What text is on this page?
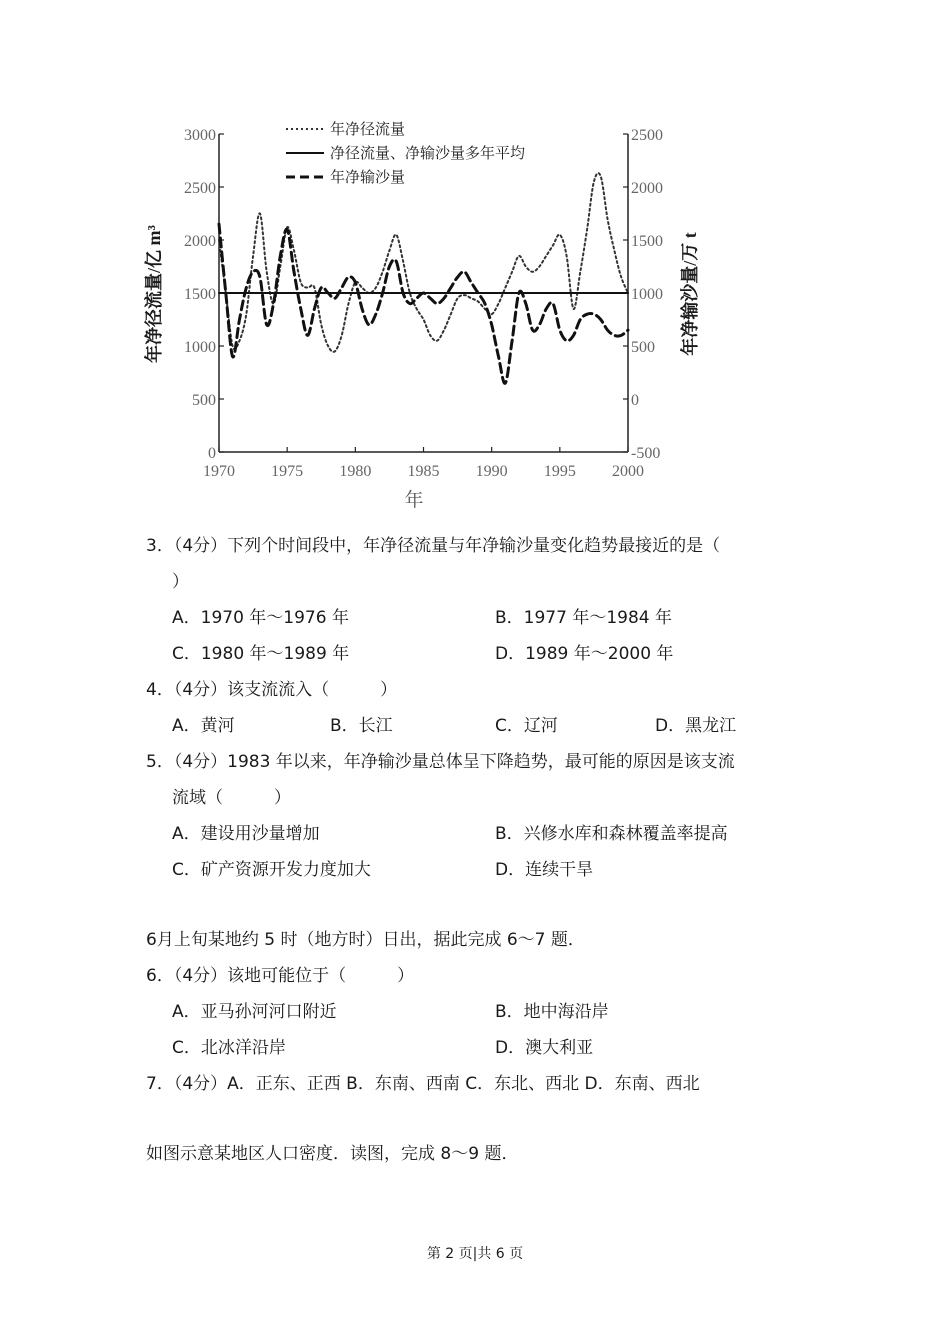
0
500
1000
1500
2000
2500
3000
-500
0
500
1000
1500
2000
2500
1970 1975 1980 1985 1990 1995 2000
年净径流量
净径流量、净输沙量多年平均
年净输沙量
年
年净径流量/亿 m³	年净输沙量/万 t
3．（4分）下列个时间段中，年净径流量与年净输沙量变化趋势最接近的是（
）
A．1970 年～1976 年	B．1977 年～1984 年
C．1980 年～1989 年	D．1989 年～2000 年
4．（4分）该支流流入（　　　）
A．黄河	B．长江	C．辽河	D．黑龙江
5．（4分）1983 年以来，年净输沙量总体呈下降趋势，最可能的原因是该支流
流域（　　　）
A．建设用沙量增加	B．兴修水库和森林覆盖率提高
C．矿产资源开发力度加大	D．连续干旱
6月上旬某地约 5 时（地方时）日出，据此完成 6～7 题．
6．（4分）该地可能位于（　　　）
A．亚马孙河河口附近	B．地中海沿岸
C．北冰洋沿岸	D．澳大利亚
7．（4分）A．正东、正西 B．东南、西南 C．东北、西北 D．东南、西北
如图示意某地区人口密度．读图，完成 8～9 题．
第 2 页|共 6 页
